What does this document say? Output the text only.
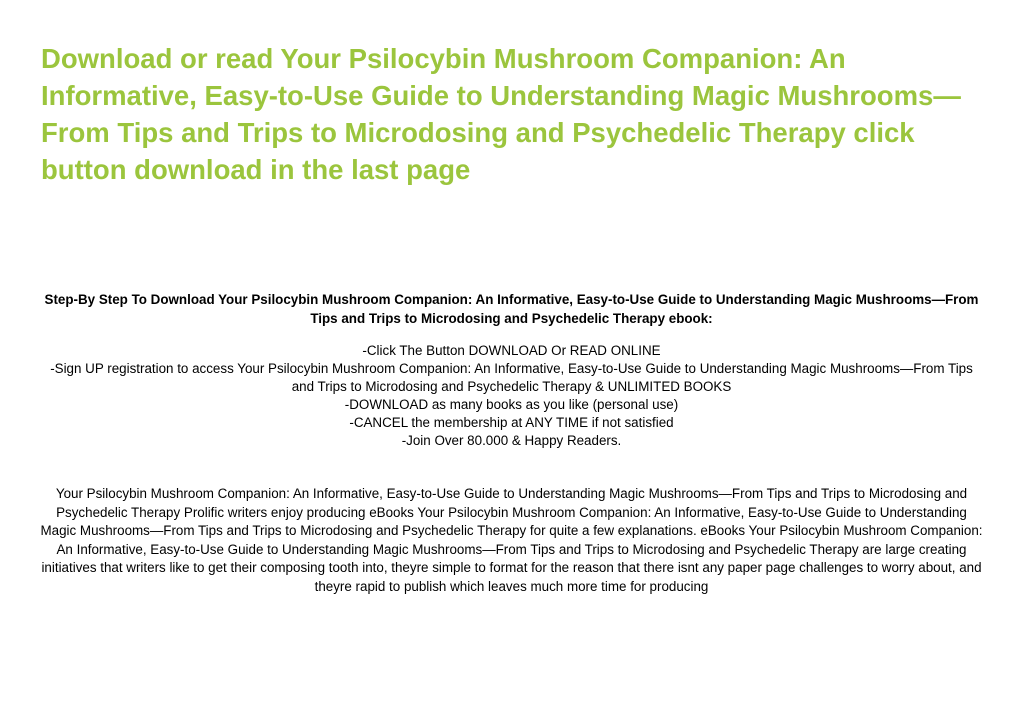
Download or read Your Psilocybin Mushroom Companion: An Informative, Easy-to-Use Guide to Understanding Magic Mushrooms—From Tips and Trips to Microdosing and Psychedelic Therapy click button download in the last page

Step-By Step To Download Your Psilocybin Mushroom Companion: An Informative, Easy-to-Use Guide to Understanding Magic Mushrooms—From Tips and Trips to Microdosing and Psychedelic Therapy ebook:

-Click The Button DOWNLOAD Or READ ONLINE
-Sign UP registration to access Your Psilocybin Mushroom Companion: An Informative, Easy-to-Use Guide to Understanding Magic Mushrooms—From Tips and Trips to Microdosing and Psychedelic Therapy & UNLIMITED BOOKS
-DOWNLOAD as many books as you like (personal use)
-CANCEL the membership at ANY TIME if not satisfied
-Join Over 80.000 & Happy Readers.

Your Psilocybin Mushroom Companion: An Informative, Easy-to-Use Guide to Understanding Magic Mushrooms—From Tips and Trips to Microdosing and Psychedelic Therapy Prolific writers enjoy producing eBooks Your Psilocybin Mushroom Companion: An Informative, Easy-to-Use Guide to Understanding Magic Mushrooms—From Tips and Trips to Microdosing and Psychedelic Therapy for quite a few explanations. eBooks Your Psilocybin Mushroom Companion: An Informative, Easy-to-Use Guide to Understanding Magic Mushrooms—From Tips and Trips to Microdosing and Psychedelic Therapy are large creating initiatives that writers like to get their composing tooth into, theyre simple to format for the reason that there isnt any paper page challenges to worry about, and theyre rapid to publish which leaves much more time for producing
